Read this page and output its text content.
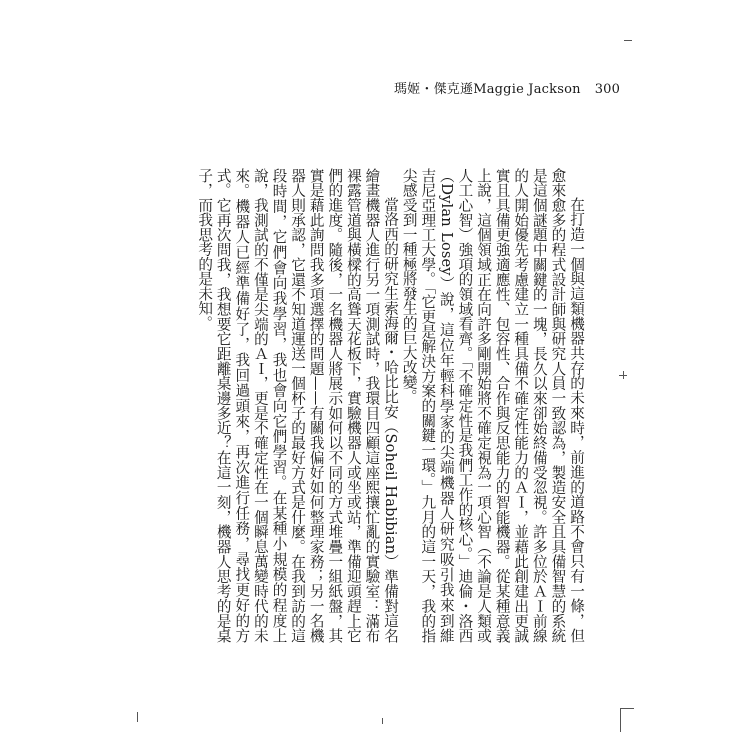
瑪姬・傑克遜Maggie Jackson 300

在打造一個與這類機器共存的未來時，前進的道路不會只有一條，但愈來愈多的程式設計師與研究人員一致認為，製造安全且具備智慧的系統是這個謎題中關鍵的一塊，長久以來卻始終備受忽視。許多位於ＡＩ前線的人開始優先考慮建立一種具備不確定性能力的ＡＩ，並藉此創建出更誠實且具備更強適應性、包容性、合作與反思能力的智能機器。從某種意義上說，這個領域正在向許多剛開始將不確定視為一項心智（不論是人類或人工心智）強項的領域看齊。「不確定性是我們工作的核心。」迪倫・洛西（Dylan Losey）說，這位年輕科學家的尖端機器人研究吸引我來到維吉尼亞理工大學。「它更是解決方案的關鍵一環。」九月的這一天，我的指尖感受到一種極將發生的巨大改變。

當洛西的研究生索海爾・哈比比安（Soheil Habibian）準備對這名繪畫機器人進行另一項測試時，我環目四顧這座熙攘忙亂的實驗室：滿布裸露管道與橫樑的高聳天花板下，實驗機器人或坐或站，準備迎頭趕上它們的進度。隨後，一名機器人將展示如何以不同的方式堆疊一組紙盤，其實是藉此詢問我多項選擇的問題——有關我偏好如何整理家務；另一名機器人則承認，它還不知道運送一個杯子的最好方式是什麼。在我到訪的這段時間，它們會向我學習，我也會向它們學習。在某種小規模的程度上說，我測試的不僅是尖端的ＡＩ，更是不確定性在一個瞬息萬變時代的未來。機器人已經準備好了，我回過頭來，再次進行任務，尋找更好的方式。它再次問我，我想要它距離桌邊多近？在這一刻，機器人思考的是桌子，而我思考的是未知。
